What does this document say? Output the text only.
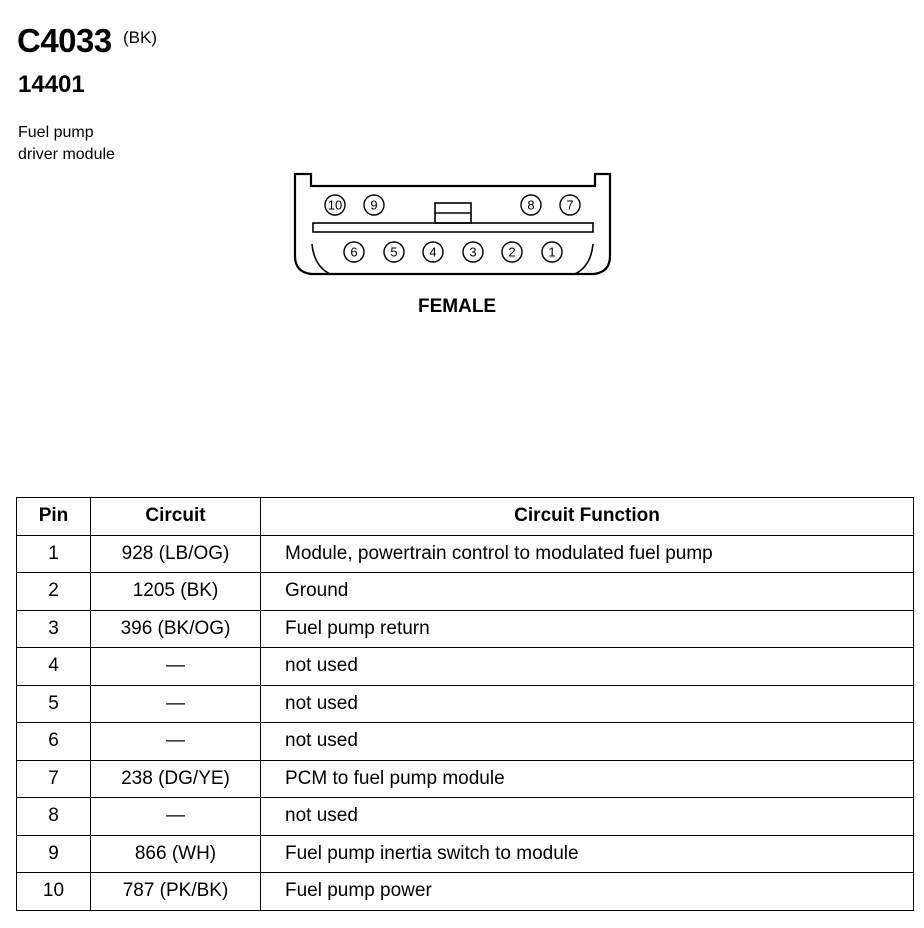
C4033 (BK)
14401
Fuel pump
driver module
10 9	8 7
6	5 4	3 2	1
FEMALE
Pin	Circuit	Circuit Function
1	928 (LB/OG)	Module, powertrain control to modulated fuel pump
2	1205 (BK)	Ground
3	396 (BK/OG)	Fuel pump return
4	—	not used
5	—	not used
6	—	not used
7	238 (DG/YE)	PCM to fuel pump module
8	—	not used
9	866 (WH)	Fuel pump inertia switch to module
10	787 (PK/BK)	Fuel pump power
